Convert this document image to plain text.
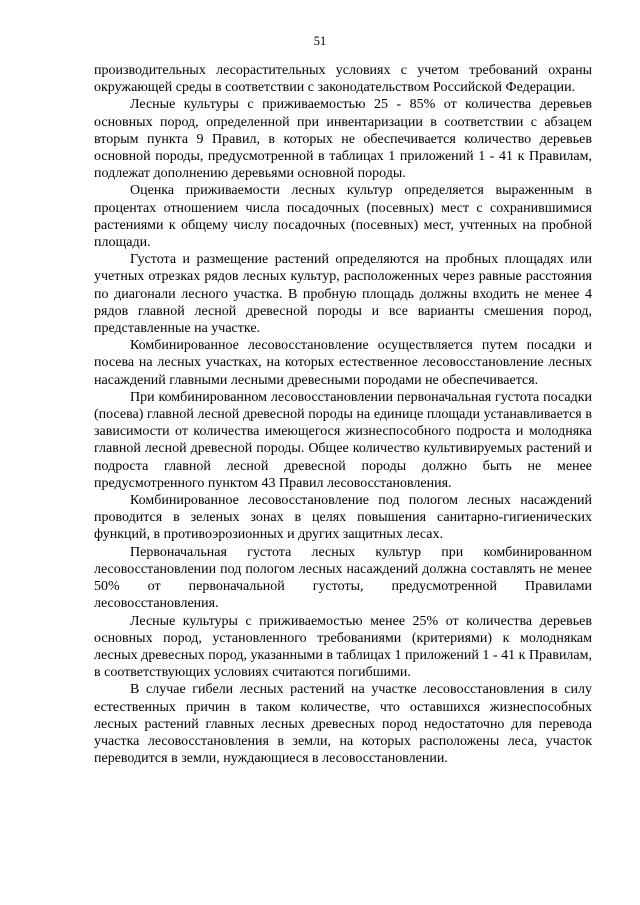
51

производительных лесорастительных условиях с учетом требований охраны окружающей среды в соответствии с законодательством Российской Федерации.

Лесные культуры с приживаемостью 25 - 85% от количества деревьев основных пород, определенной при инвентаризации в соответствии с абзацем вторым пункта 9 Правил, в которых не обеспечивается количество деревьев основной породы, предусмотренной в таблицах 1 приложений 1 - 41 к Правилам, подлежат дополнению деревьями основной породы.

Оценка приживаемости лесных культур определяется выраженным в процентах отношением числа посадочных (посевных) мест с сохранившимися растениями к общему числу посадочных (посевных) мест, учтенных на пробной площади.

Густота и размещение растений определяются на пробных площадях или учетных отрезках рядов лесных культур, расположенных через равные расстояния по диагонали лесного участка. В пробную площадь должны входить не менее 4 рядов главной лесной древесной породы и все варианты смешения пород, представленные на участке.

Комбинированное лесовосстановление осуществляется путем посадки и посева на лесных участках, на которых естественное лесовосстановление лесных насаждений главными лесными древесными породами не обеспечивается.

При комбинированном лесовосстановлении первоначальная густота посадки (посева) главной лесной древесной породы на единице площади устанавливается в зависимости от количества имеющегося жизнеспособного подроста и молодняка главной лесной древесной породы. Общее количество культивируемых растений и подроста главной лесной древесной породы должно быть не менее предусмотренного пунктом 43 Правил лесовосстановления.

Комбинированное лесовосстановление под пологом лесных насаждений проводится в зеленых зонах в целях повышения санитарно-гигиенических функций, в противоэрозионных и других защитных лесах.

Первоначальная густота лесных культур при комбинированном лесовосстановлении под пологом лесных насаждений должна составлять не менее 50% от первоначальной густоты, предусмотренной Правилами лесовосстановления.

Лесные культуры с приживаемостью менее 25% от количества деревьев основных пород, установленного требованиями (критериями) к молоднякам лесных древесных пород, указанными в таблицах 1 приложений 1 - 41 к Правилам, в соответствующих условиях считаются погибшими.

В случае гибели лесных растений на участке лесовосстановления в силу естественных причин в таком количестве, что оставшихся жизнеспособных лесных растений главных лесных древесных пород недостаточно для перевода участка лесовосстановления в земли, на которых расположены леса, участок переводится в земли, нуждающиеся в лесовосстановлении.
